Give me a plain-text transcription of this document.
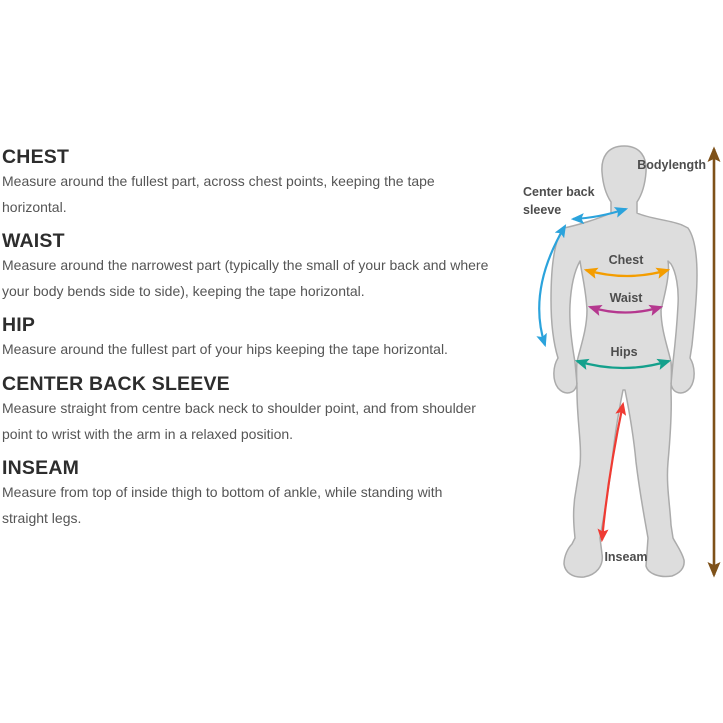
CHEST
Measure around the fullest part, across chest points, keeping the tape
horizontal.
WAIST
Measure around the narrowest part (typically the small of your back and where
your body bends side to side), keeping the tape horizontal.
HIP
Measure around the fullest part of your hips keeping the tape horizontal.
CENTER BACK SLEEVE
Measure straight from centre back neck to shoulder point, and from shoulder
point to wrist with the arm in a relaxed position.
INSEAM
Measure from top of inside thigh to bottom of ankle, while standing with
straight legs.
Bodylength
Center back
sleeve
Chest
Waist
Hips
Inseam
